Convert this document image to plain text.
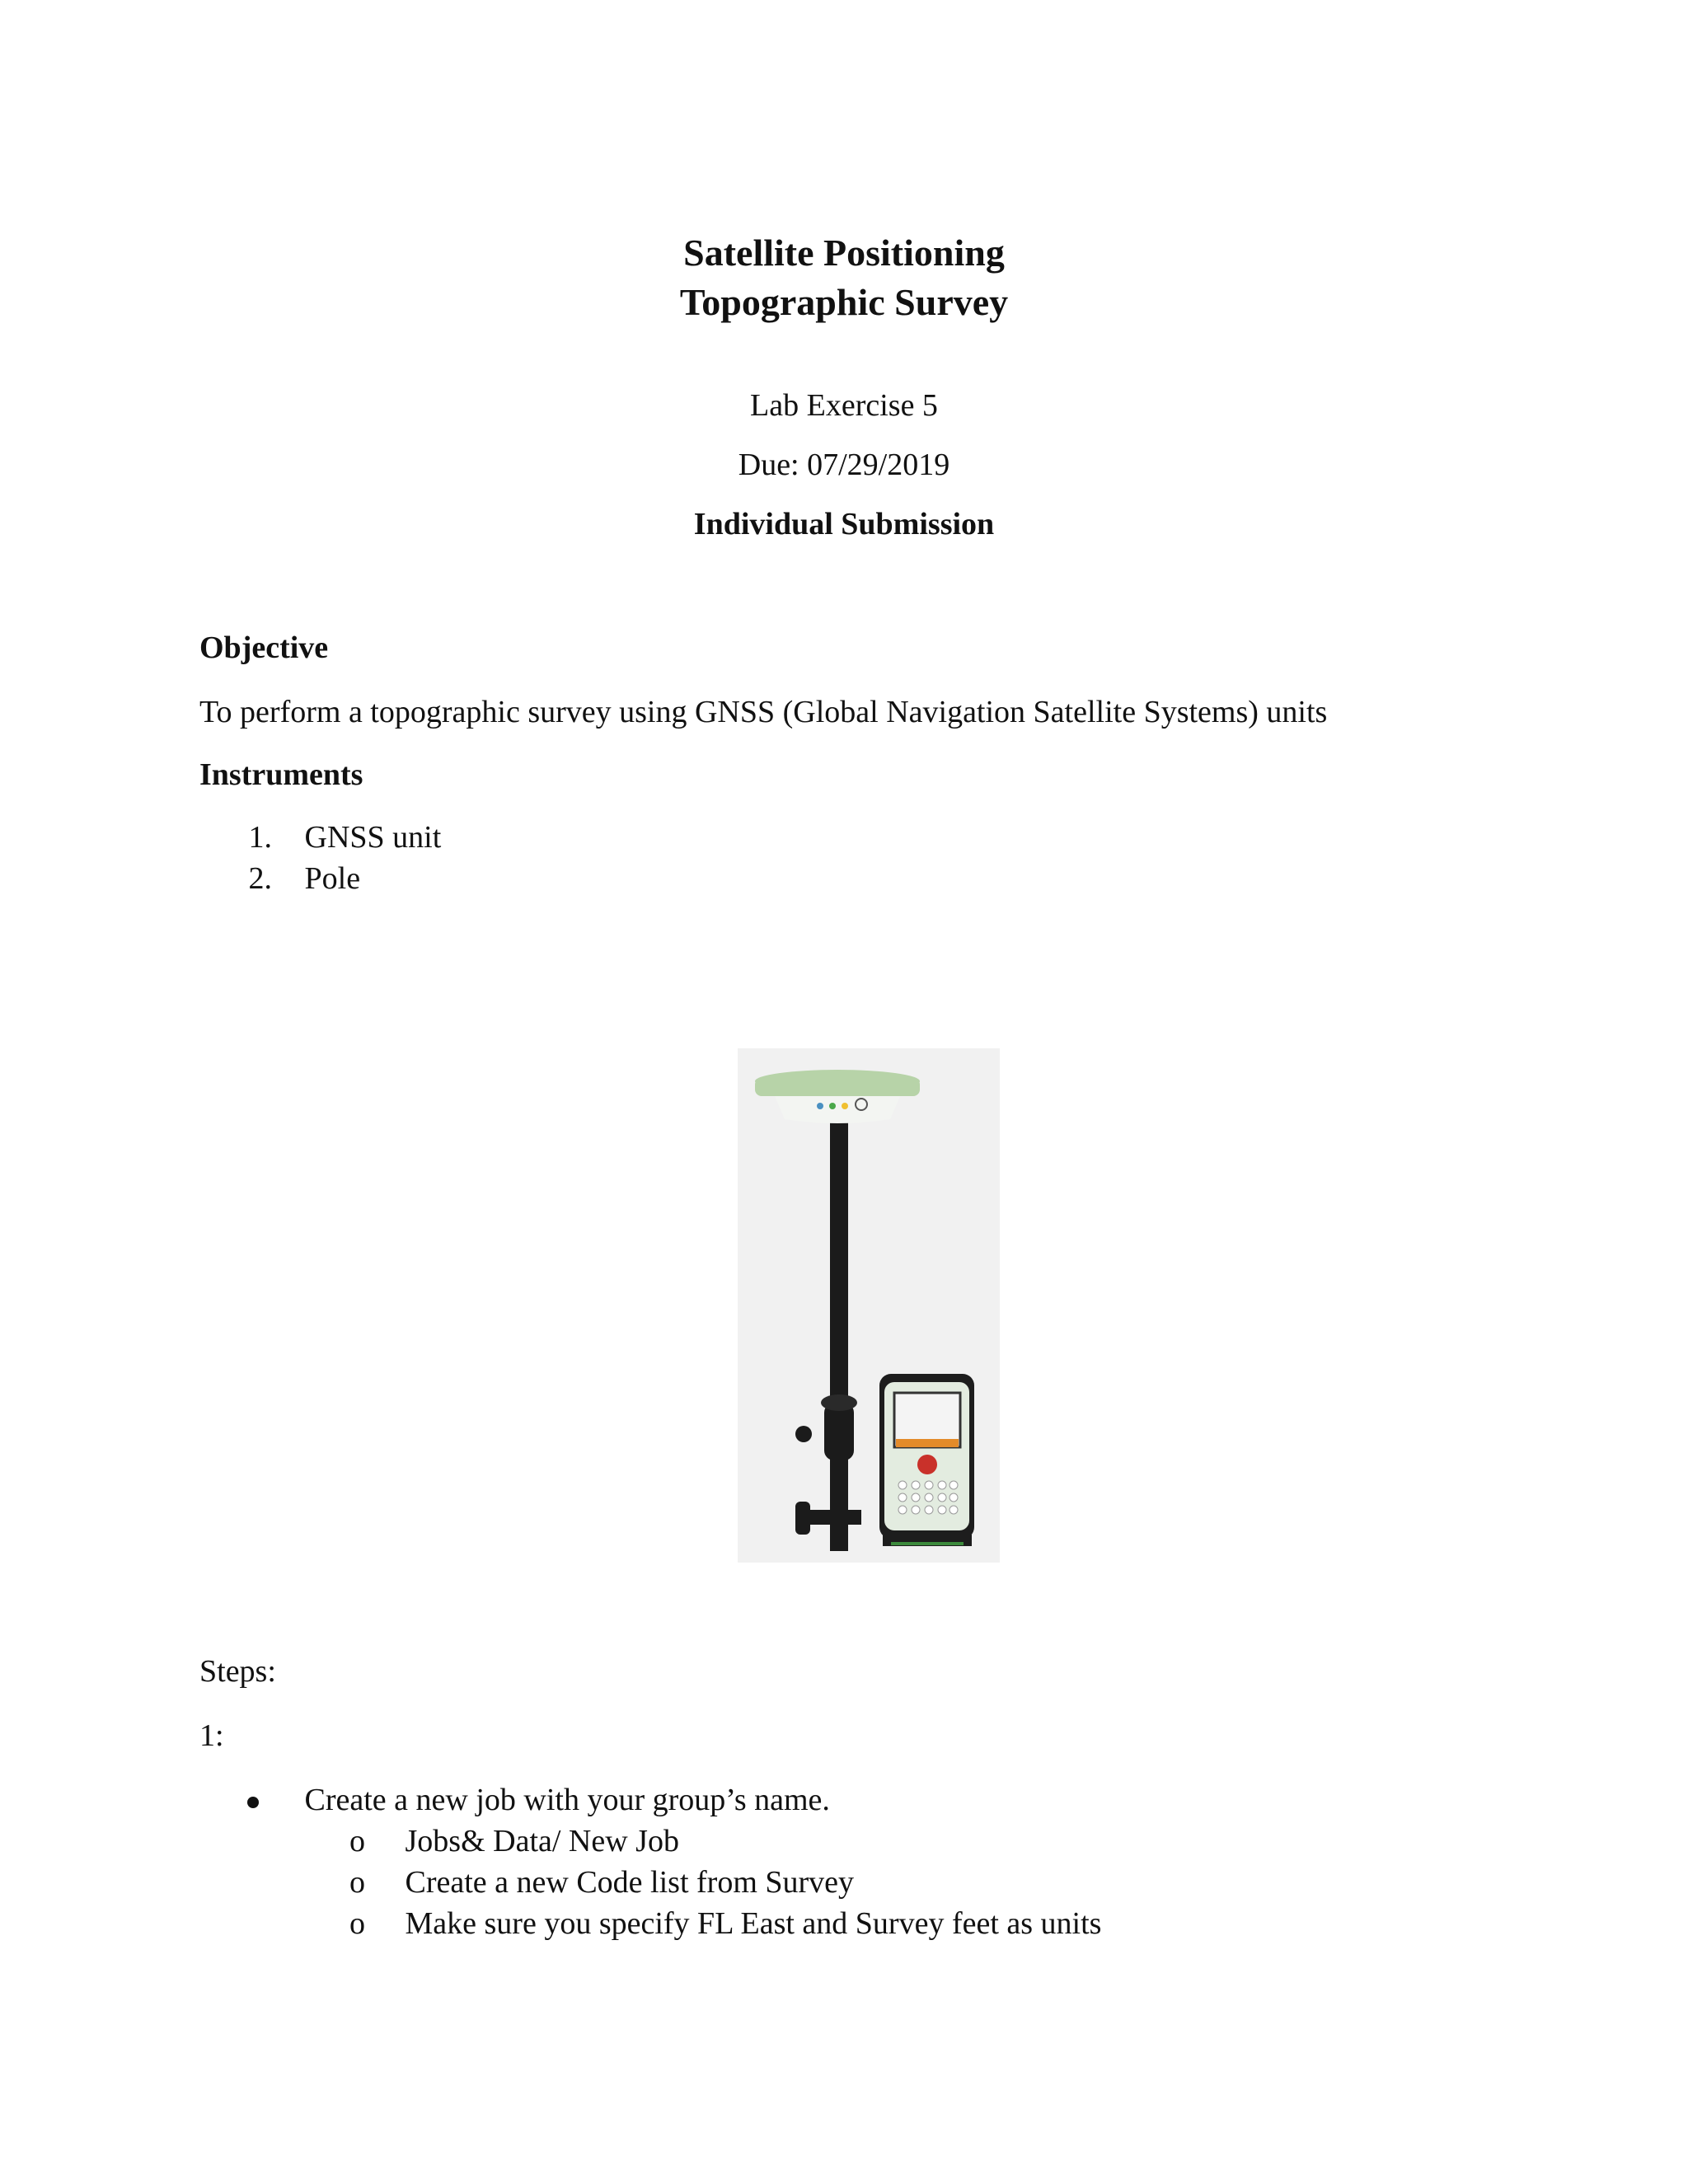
Satellite Positioning
Topographic Survey
Lab Exercise 5
Due: 07/29/2019
Individual Submission
Objective
To perform a topographic survey using GNSS (Global Navigation Satellite Systems) units
Instruments
1. GNSS unit
2. Pole
Steps:
1:
Create a new job with your group’s name.
o Jobs& Data/ New Job
o Create a new Code list from Survey
o Make sure you specify FL East and Survey feet as units
